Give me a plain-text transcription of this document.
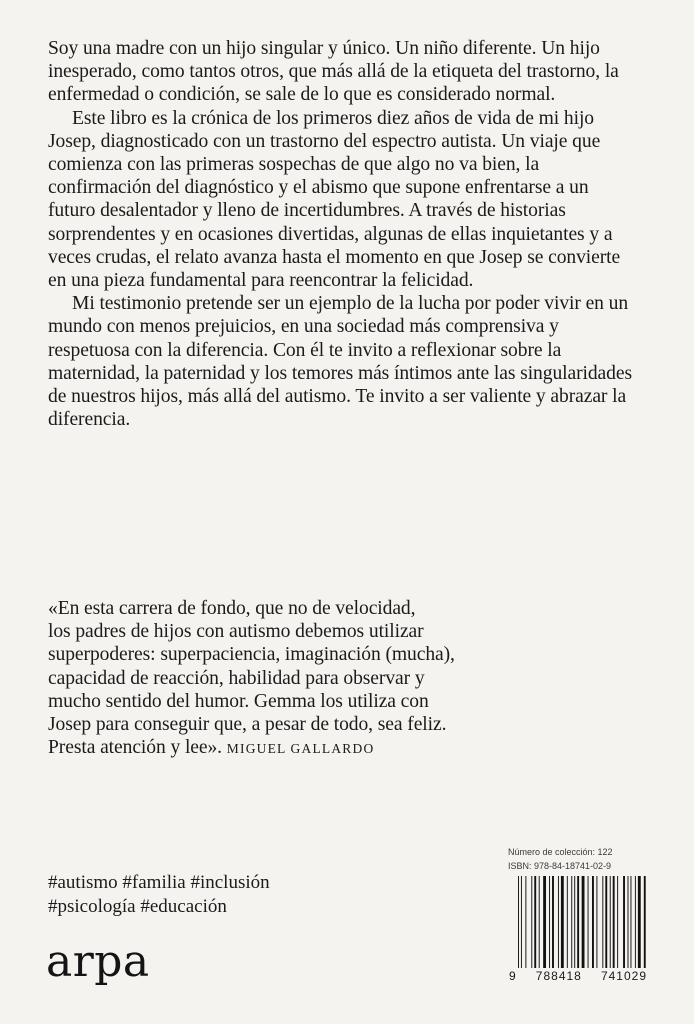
Soy una madre con un hijo singular y único. Un niño diferente. Un hijo inesperado, como tantos otros, que más allá de la etiqueta del trastorno, la enfermedad o condición, se sale de lo que es considerado normal.

Este libro es la crónica de los primeros diez años de vida de mi hijo Josep, diagnosticado con un trastorno del espectro autista. Un viaje que comienza con las primeras sospechas de que algo no va bien, la confirmación del diagnóstico y el abismo que supone enfrentarse a un futuro desalentador y lleno de incertidumbres. A través de historias sorprendentes y en ocasiones divertidas, algunas de ellas inquietantes y a veces crudas, el relato avanza hasta el momento en que Josep se convierte en una pieza fundamental para reencontrar la felicidad.

Mi testimonio pretende ser un ejemplo de la lucha por poder vivir en un mundo con menos prejuicios, en una sociedad más comprensiva y respetuosa con la diferencia. Con él te invito a reflexionar sobre la maternidad, la paternidad y los temores más íntimos ante las singularidades de nuestros hijos, más allá del autismo. Te invito a ser valiente y abrazar la diferencia.

«En esta carrera de fondo, que no de velocidad,
los padres de hijos con autismo debemos utilizar
superpoderes: superpaciencia, imaginación (mucha),
capacidad de reacción, habilidad para observar y
mucho sentido del humor. Gemma los utiliza con
Josep para conseguir que, a pesar de todo, sea feliz.
Presta atención y lee». MIGUEL GALLARDO

#autismo #familia #inclusión
#psicología #educación
arpa
Número de colección: 122
ISBN: 978-84-18741-02-9
9 788418 741029
